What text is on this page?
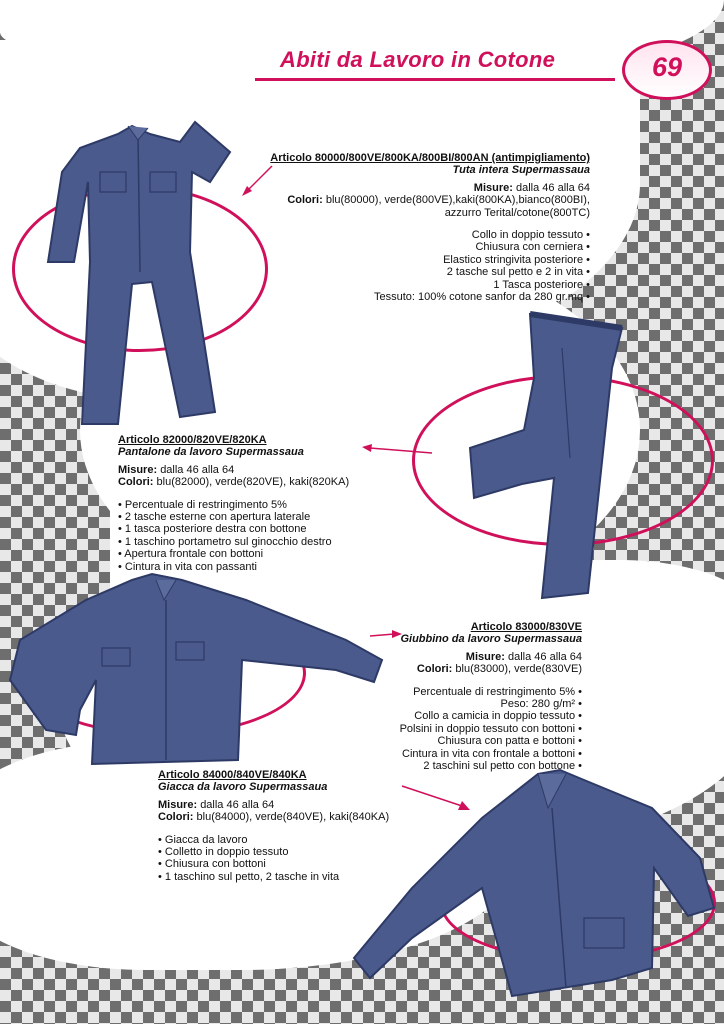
Abiti da Lavoro in Cotone	69
Articolo 80000/800VE/800KA/800BI/800AN (antimpigliamento)
Tuta intera Supermassaua
Misure: dalla 46 alla 64
Colori: blu(80000), verde(800VE),kaki(800KA),bianco(800BI),
azzurro Terital/cotone(800TC)
Collo in doppio tessuto •
Chiusura con cerniera •
Elastico stringivita posteriore •
2 tasche sul petto e 2 in vita •
1 Tasca posteriore •
Tessuto: 100% cotone sanfor da 280 gr.mq •
Articolo 82000/820VE/820KA
Pantalone da lavoro Supermassaua
Misure: dalla 46 alla 64
Colori: blu(82000), verde(820VE), kaki(820KA)
• Percentuale di restringimento 5%
• 2 tasche esterne con apertura laterale
• 1 tasca posteriore destra con bottone
• 1 taschino portametro sul ginocchio destro
• Apertura frontale con bottoni
• Cintura in vita con passanti
Articolo 83000/830VE
Giubbino da lavoro Supermassaua
Misure: dalla 46 alla 64
Colori: blu(83000), verde(830VE)
Percentuale di restringimento 5% •
Peso: 280 g/m² •
Collo a camicia in doppio tessuto •
Polsini in doppio tessuto con bottoni •
Chiusura con patta e bottoni •
Cintura in vita con frontale a bottoni •
2 taschini sul petto con bottone •
Articolo 84000/840VE/840KA
Giacca da lavoro Supermassaua
Misure: dalla 46 alla 64
Colori: blu(84000), verde(840VE), kaki(840KA)
• Giacca da lavoro
• Colletto in doppio tessuto
• Chiusura con bottoni
• 1 taschino sul petto, 2 tasche in vita
